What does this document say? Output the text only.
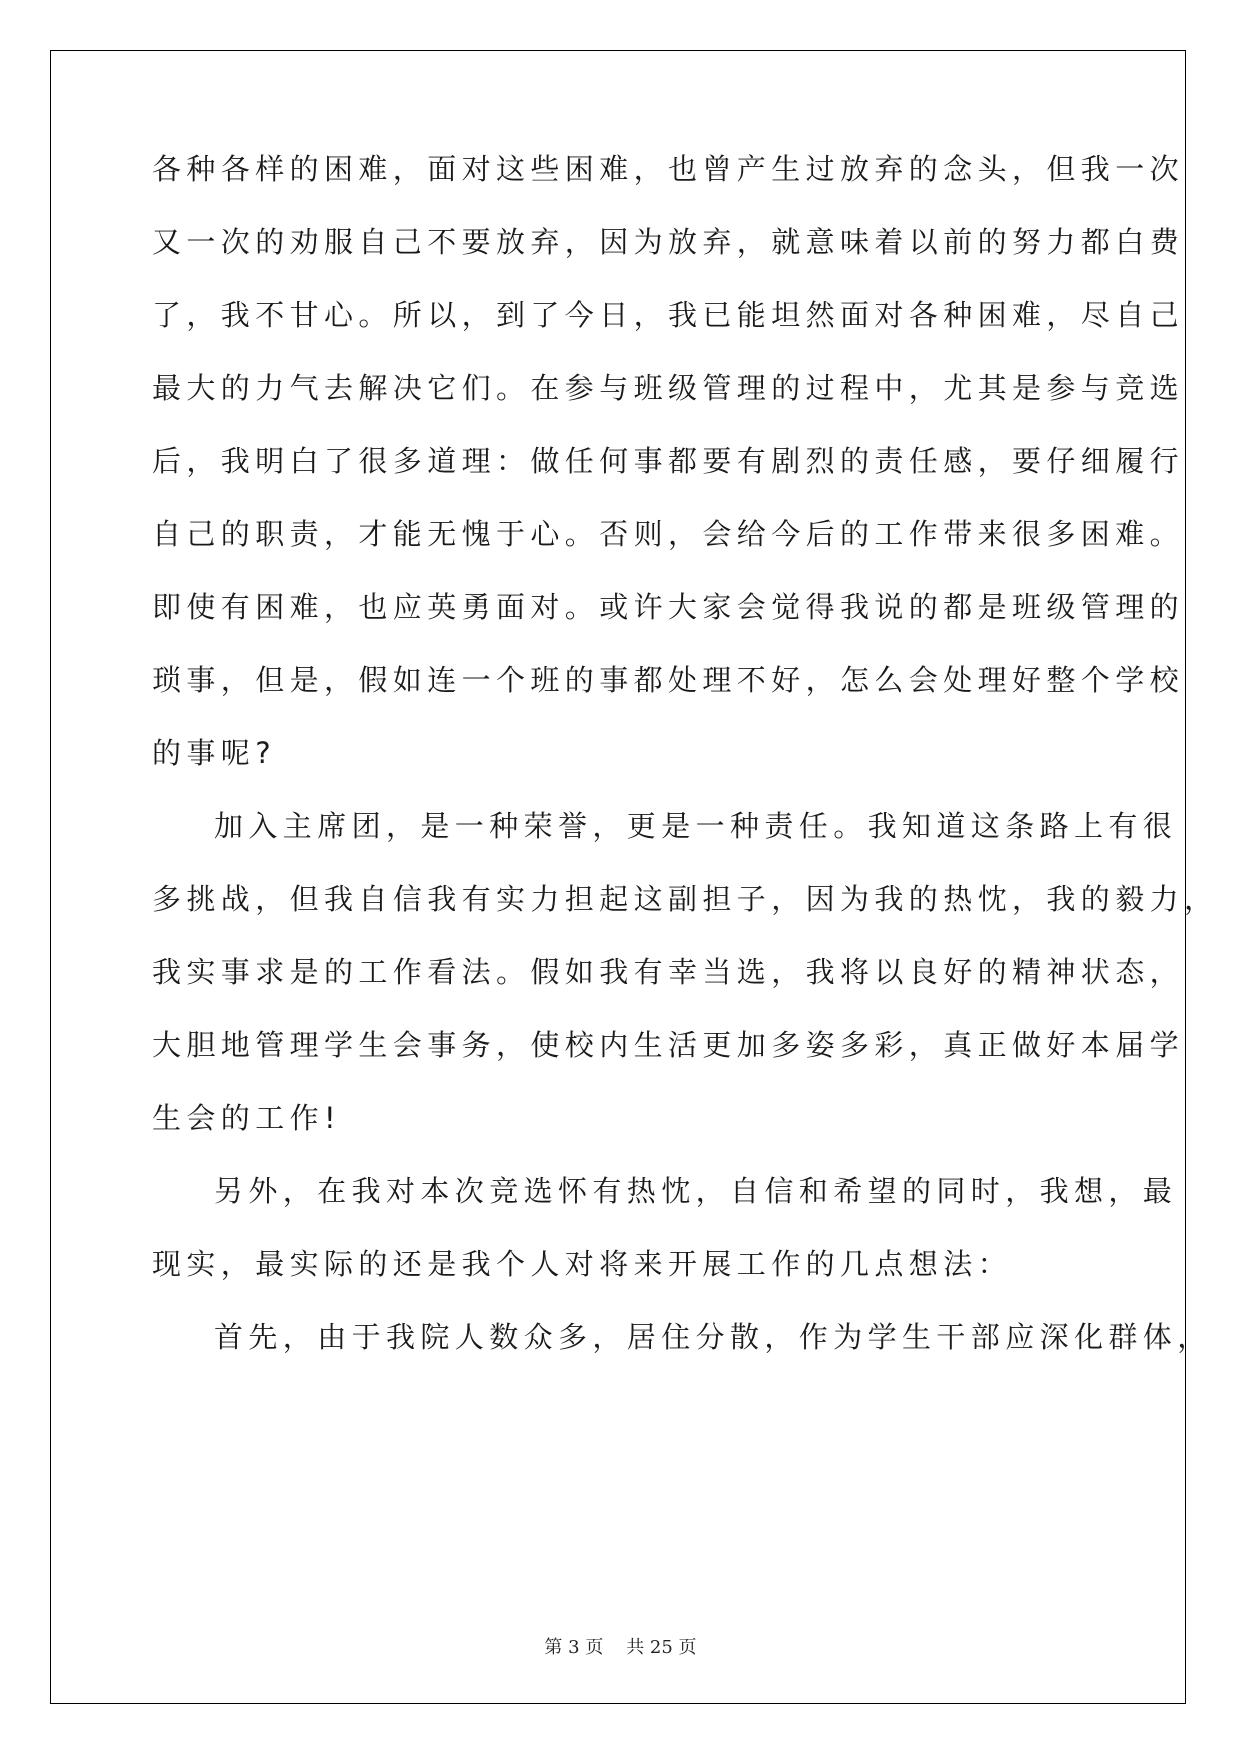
各种各样的困难，面对这些困难，也曾产生过放弃的念头，但我一次

又一次的劝服自己不要放弃，因为放弃，就意味着以前的努力都白费

了，我不甘心。所以，到了今日，我已能坦然面对各种困难，尽自己

最大的力气去解决它们。在参与班级管理的过程中，尤其是参与竞选

后，我明白了很多道理：做任何事都要有剧烈的责任感，要仔细履行

自己的职责，才能无愧于心。否则，会给今后的工作带来很多困难。

即使有困难，也应英勇面对。或许大家会觉得我说的都是班级管理的

琐事，但是，假如连一个班的事都处理不好，怎么会处理好整个学校

的事呢?

加入主席团，是一种荣誉，更是一种责任。我知道这条路上有很

多挑战，但我自信我有实力担起这副担子，因为我的热忱，我的毅力，

我实事求是的工作看法。假如我有幸当选，我将以良好的精神状态，

大胆地管理学生会事务，使校内生活更加多姿多彩，真正做好本届学

生会的工作!

另外，在我对本次竞选怀有热忱，自信和希望的同时，我想，最

现实，最实际的还是我个人对将来开展工作的几点想法：

首先，由于我院人数众多，居住分散，作为学生干部应深化群体，

第 3 页    共 25 页
